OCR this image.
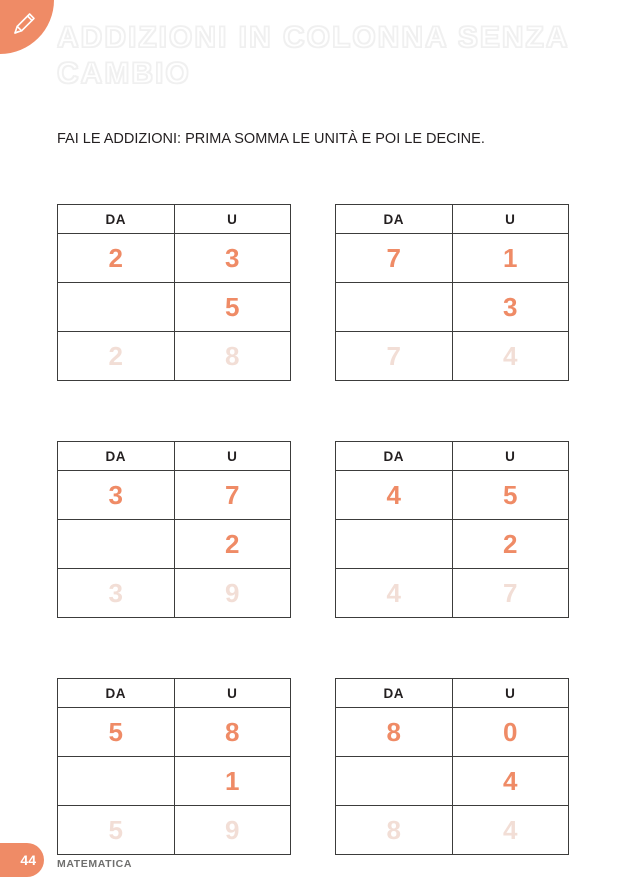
ADDIZIONI IN COLONNA SENZA CAMBIO
FAI LE ADDIZIONI: PRIMA SOMMA LE UNITÀ E POI LE DECINE.
DA	U
2	3
	5
2	8
DA	U
7	1
	3
7	4
DA	U
3	7
	2
3	9
DA	U
4	5
	2
4	7
DA	U
5	8
	1
5	9
DA	U
8	0
	4
8	4
44	MATEMATICA
